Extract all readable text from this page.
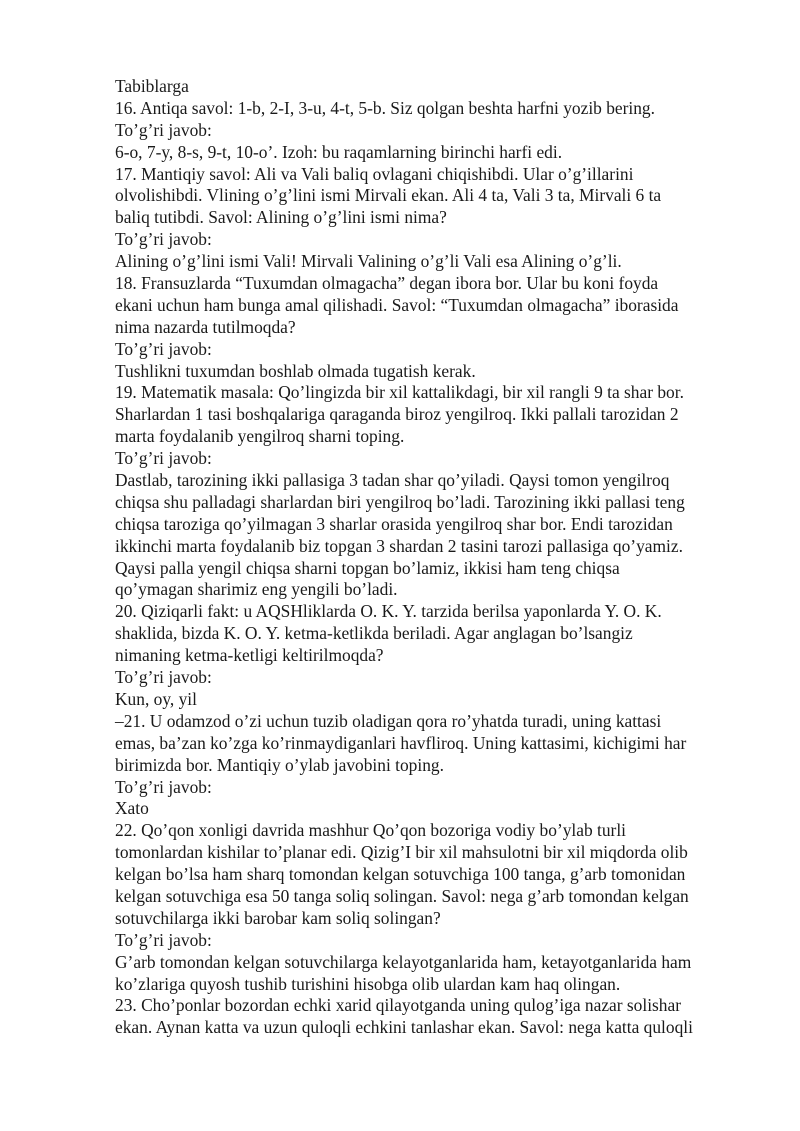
Tabiblarga
16. Antiqa savol: 1-b, 2-I, 3-u, 4-t, 5-b. Siz qolgan beshta harfni yozib bering.
To’g’ri javob:
6-o, 7-y, 8-s, 9-t, 10-o’. Izoh: bu raqamlarning birinchi harfi edi.
17. Mantiqiy savol: Ali va Vali baliq ovlagani chiqishibdi. Ular o’g’illarini
olvolishibdi. Vlining o’g’lini ismi Mirvali ekan. Ali 4 ta, Vali 3 ta, Mirvali 6 ta
baliq tutibdi. Savol: Alining o’g’lini ismi nima?
To’g’ri javob:
Alining o’g’lini ismi Vali! Mirvali Valining o’g’li Vali esa Alining o’g’li.
18. Fransuzlarda “Tuxumdan olmagacha” degan ibora bor. Ular bu koni foyda
ekani uchun ham bunga amal qilishadi. Savol: “Tuxumdan olmagacha” iborasida
nima nazarda tutilmoqda?
To’g’ri javob:
Tushlikni tuxumdan boshlab olmada tugatish kerak.
19. Matematik masala: Qo’lingizda bir xil kattalikdagi, bir xil rangli 9 ta shar bor.
Sharlardan 1 tasi boshqalariga qaraganda biroz yengilroq. Ikki pallali tarozidan 2
marta foydalanib yengilroq sharni toping.
To’g’ri javob:
Dastlab, tarozining ikki pallasiga 3 tadan shar qo’yiladi. Qaysi tomon yengilroq
chiqsa shu palladagi sharlardan biri yengilroq bo’ladi. Tarozining ikki pallasi teng
chiqsa taroziga qo’yilmagan 3 sharlar orasida yengilroq shar bor. Endi tarozidan
ikkinchi marta foydalanib biz topgan 3 shardan 2 tasini tarozi pallasiga qo’yamiz.
Qaysi palla yengil chiqsa sharni topgan bo’lamiz, ikkisi ham teng chiqsa
qo’ymagan sharimiz eng yengili bo’ladi.
20. Qiziqarli fakt: u AQSHliklarda O. K. Y. tarzida berilsa yaponlarda Y. O. K.
shaklida, bizda K. O. Y. ketma-ketlikda beriladi. Agar anglagan bo’lsangiz
nimaning ketma-ketligi keltirilmoqda?
To’g’ri javob:
Kun, oy, yil
–21. U odamzod o’zi uchun tuzib oladigan qora ro’yhatda turadi, uning kattasi
emas, ba’zan ko’zga ko’rinmaydiganlari havfliroq. Uning kattasimi, kichigimi har
birimizda bor. Mantiqiy o’ylab javobini toping.
To’g’ri javob:
Xato
22. Qo’qon xonligi davrida mashhur Qo’qon bozoriga vodiy bo’ylab turli
tomonlardan kishilar to’planar edi. Qizig’I bir xil mahsulotni bir xil miqdorda olib
kelgan bo’lsa ham sharq tomondan kelgan sotuvchiga 100 tanga, g’arb tomonidan
kelgan sotuvchiga esa 50 tanga soliq solingan. Savol: nega g’arb tomondan kelgan
sotuvchilarga ikki barobar kam soliq solingan?
To’g’ri javob:
G’arb tomondan kelgan sotuvchilarga kelayotganlarida ham, ketayotganlarida ham
ko’zlariga quyosh tushib turishini hisobga olib ulardan kam haq olingan.
23. Cho’ponlar bozordan echki xarid qilayotganda uning qulog’iga nazar solishar
ekan. Aynan katta va uzun quloqli echkini tanlashar ekan. Savol: nega katta quloqli
